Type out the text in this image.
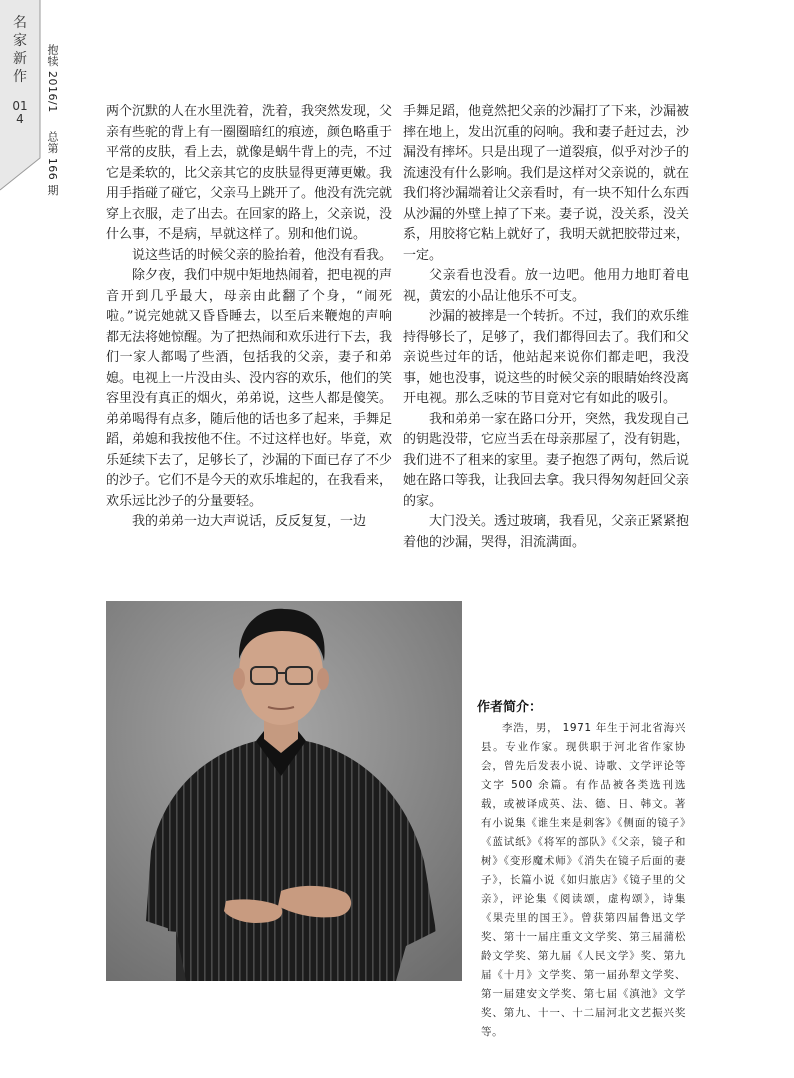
名家新作
014
抱犊 2016/1 总第 166 期

两个沉默的人在水里洗着，洗着，我突然发现，父亲有些驼的背上有一圈圈暗红的痕迹，颜色略重于平常的皮肤，看上去，就像是蜗牛背上的壳，不过它是柔软的，比父亲其它的皮肤显得更薄更嫩。我用手指碰了碰它，父亲马上跳开了。他没有洗完就穿上衣服，走了出去。在回家的路上，父亲说，没什么事，不是病，早就这样了。别和他们说。

说这些话的时候父亲的脸抬着，他没有看我。

除夕夜，我们中规中矩地热闹着，把电视的声音开到几乎最大，母亲由此翻了个身，“闹死啦。”说完她就又昏昏睡去，以至后来鞭炮的声响都无法将她惊醒。为了把热闹和欢乐进行下去，我们一家人都喝了些酒，包括我的父亲，妻子和弟媳。电视上一片没由头、没内容的欢乐，他们的笑容里没有真正的烟火，弟弟说，这些人都是傻笑。弟弟喝得有点多，随后他的话也多了起来，手舞足蹈，弟媳和我按他不住。不过这样也好。毕竟，欢乐延续下去了，足够长了，沙漏的下面已存了不少的沙子。它们不是今天的欢乐堆起的，在我看来，欢乐远比沙子的分量要轻。

我的弟弟一边大声说话，反反复复，一边

手舞足蹈，他竟然把父亲的沙漏打了下来，沙漏被摔在地上，发出沉重的闷响。我和妻子赶过去，沙漏没有摔坏。只是出现了一道裂痕，似乎对沙子的流速没有什么影响。我们是这样对父亲说的，就在我们将沙漏端着让父亲看时，有一块不知什么东西从沙漏的外壁上掉了下来。妻子说，没关系，没关系，用胶将它粘上就好了，我明天就把胶带过来，一定。

父亲看也没看。放一边吧。他用力地盯着电视，黄宏的小品让他乐不可支。

沙漏的被摔是一个转折。不过，我们的欢乐维持得够长了，足够了，我们都得回去了。我们和父亲说些过年的话，他站起来说你们都走吧，我没事，她也没事，说这些的时候父亲的眼睛始终没离开电视。那么乏味的节目竟对它有如此的吸引。

我和弟弟一家在路口分开，突然，我发现自己的钥匙没带，它应当丢在母亲那屋了，没有钥匙，我们进不了租来的家里。妻子抱怨了两句，然后说她在路口等我，让我回去拿。我只得匆匆赶回父亲的家。

大门没关。透过玻璃，我看见，父亲正紧紧抱着他的沙漏，哭得，泪流满面。

作者简介：

李浩，男， 1971 年生于河北省海兴县。专业作家。现供职于河北省作家协会，曾先后发表小说、诗歌、文学评论等文字 500 余篇。有作品被各类选刊选载，或被译成英、法、德、日、韩文。著有小说集《谁生来是刺客》《侧面的镜子》《蓝试纸》《将军的部队》《父亲，镜子和树》《变形魔术师》《消失在镜子后面的妻子》，长篇小说《如归旅店》《镜子里的父亲》，评论集《阅读颂，虚构颂》，诗集《果壳里的国王》。曾获第四届鲁迅文学奖、第十一届庄重文文学奖、第三届蒲松龄文学奖、第九届《人民文学》奖、第九届《十月》文学奖、第一届孙犁文学奖、第一届建安文学奖、第七届《滇池》文学奖、第九、十一、十二届河北文艺振兴奖等。
